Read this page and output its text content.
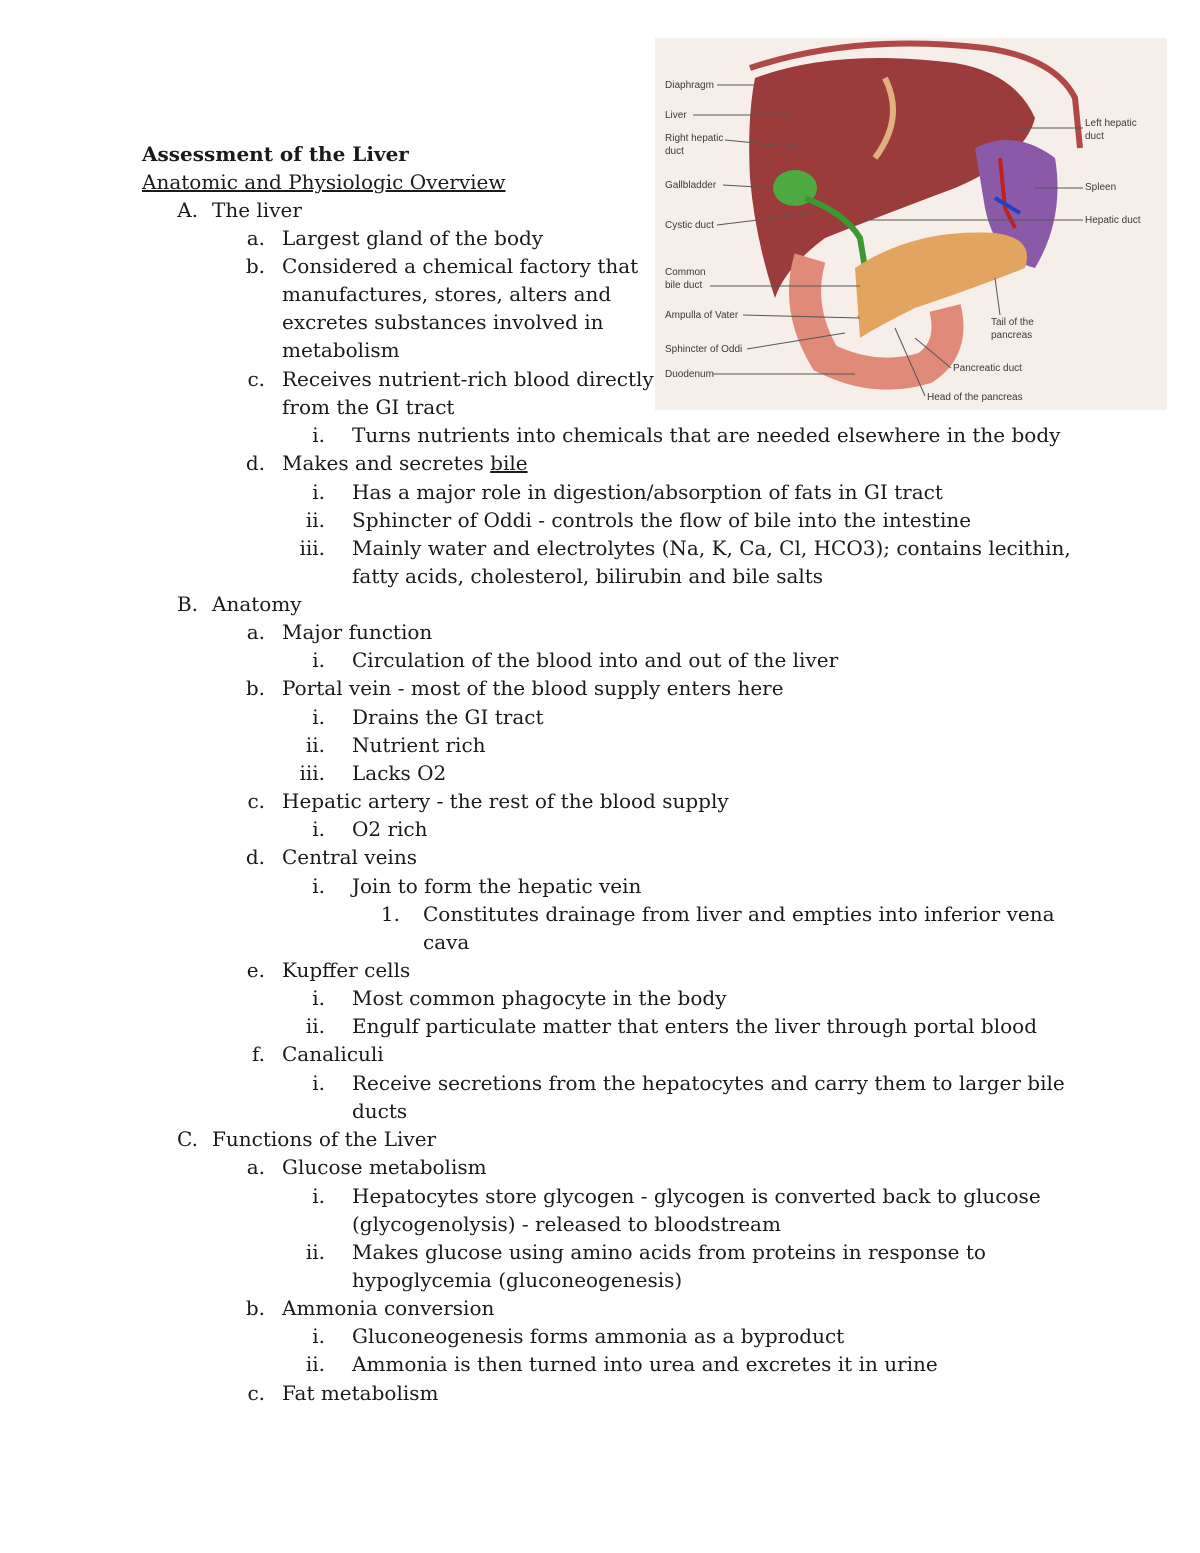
Assessment of the Liver
Anatomic and Physiologic Overview
Diaphragm
Liver
Right hepatic
duct
Gallbladder
Cystic duct
Common
bile duct
Ampulla of Vater
Sphincter of Oddi
Duodenum
Left hepatic
duct
Spleen
Hepatic duct
Tail of the
pancreas
Pancreatic duct
Head of the pancreas
A. The liver
a. Largest gland of the body
b. Considered a chemical factory that
manufactures, stores, alters and
excretes substances involved in
metabolism
c. Receives nutrient-rich blood directly
from the GI tract
i. Turns nutrients into chemicals that are needed elsewhere in the body
d. Makes and secretes bile
i. Has a major role in digestion/absorption of fats in GI tract
ii. Sphincter of Oddi - controls the flow of bile into the intestine
iii. Mainly water and electrolytes (Na, K, Ca, Cl, HCO3); contains lecithin,
fatty acids, cholesterol, bilirubin and bile salts
B. Anatomy
a. Major function
i. Circulation of the blood into and out of the liver
b. Portal vein - most of the blood supply enters here
i. Drains the GI tract
ii. Nutrient rich
iii. Lacks O2
c. Hepatic artery - the rest of the blood supply
i. O2 rich
d. Central veins
i. Join to form the hepatic vein
1. Constitutes drainage from liver and empties into inferior vena
cava
e. Kupffer cells
i. Most common phagocyte in the body
ii. Engulf particulate matter that enters the liver through portal blood
f. Canaliculi
i. Receive secretions from the hepatocytes and carry them to larger bile
ducts
C. Functions of the Liver
a. Glucose metabolism
i. Hepatocytes store glycogen - glycogen is converted back to glucose
(glycogenolysis) - released to bloodstream
ii. Makes glucose using amino acids from proteins in response to
hypoglycemia (gluconeogenesis)
b. Ammonia conversion
i. Gluconeogenesis forms ammonia as a byproduct
ii. Ammonia is then turned into urea and excretes it in urine
c. Fat metabolism
